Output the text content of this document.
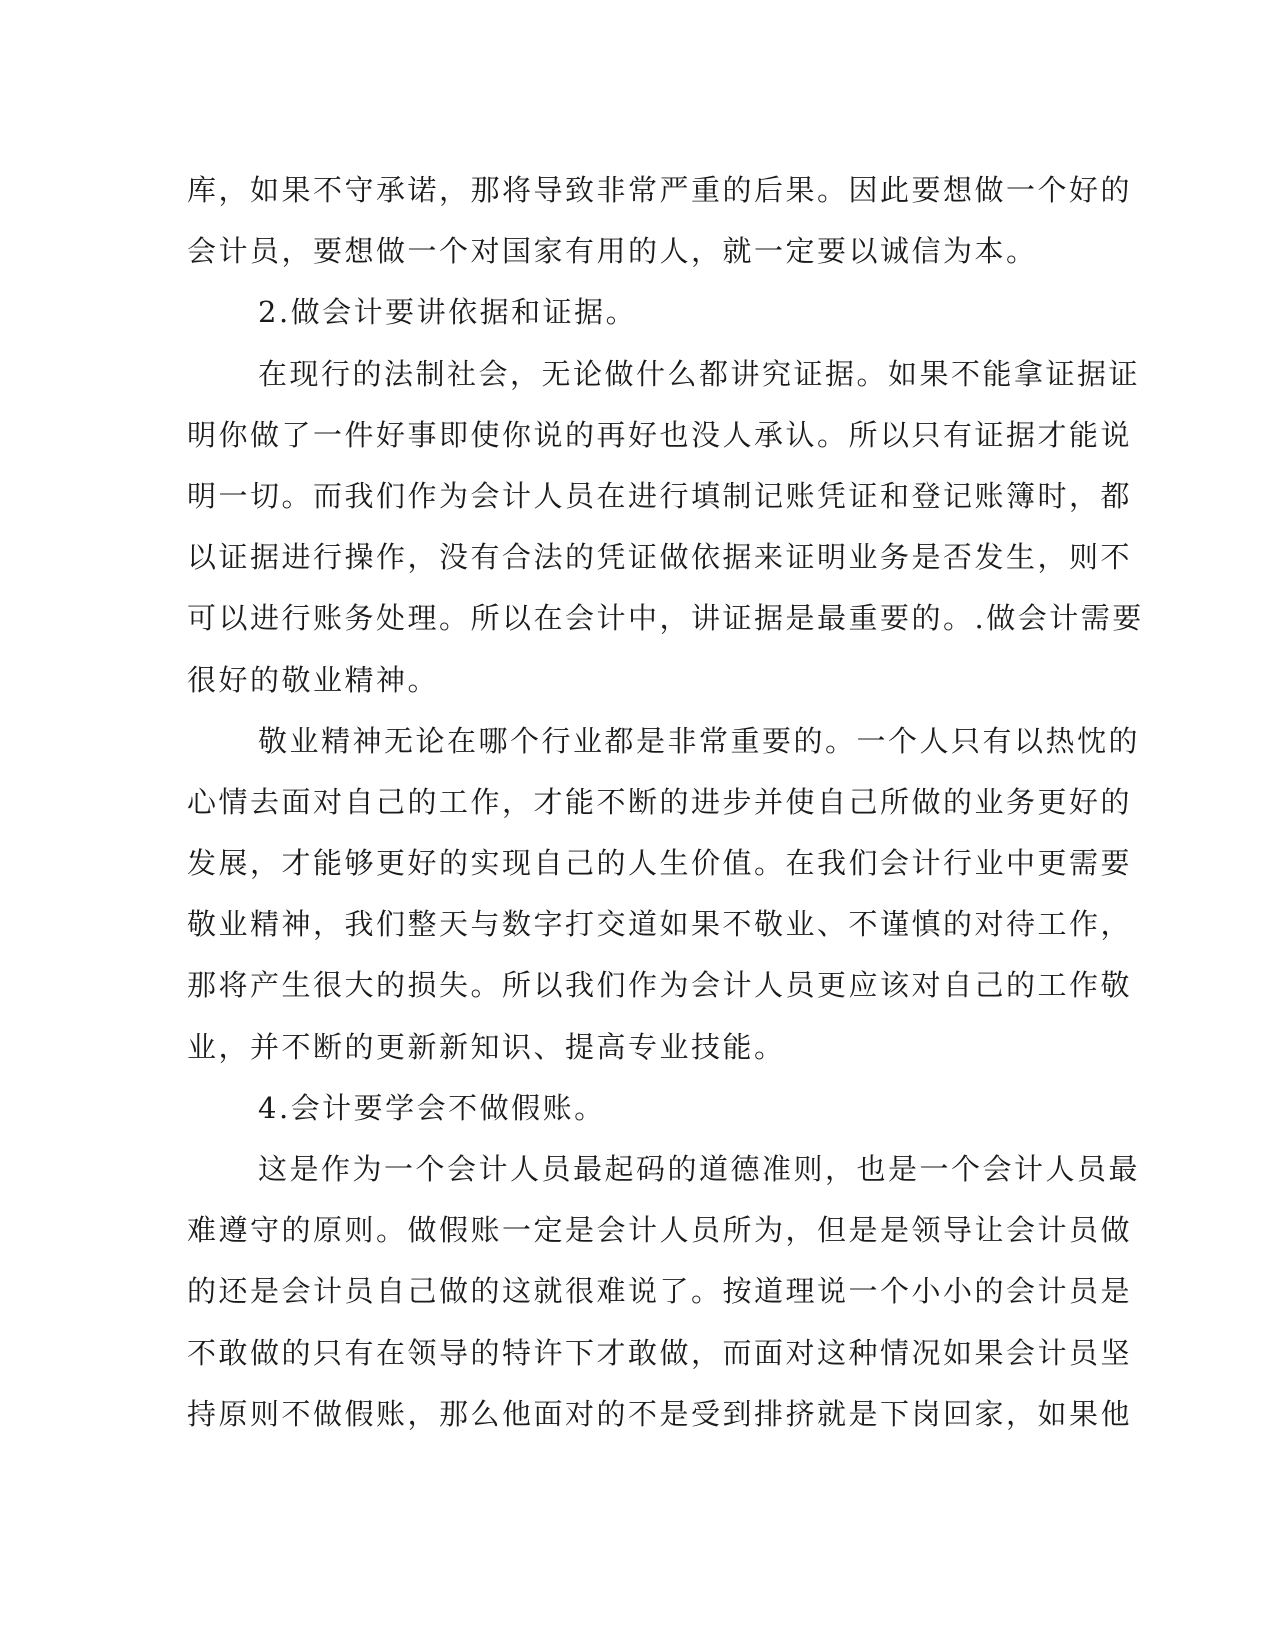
库，如果不守承诺，那将导致非常严重的后果。因此要想做一个好的
会计员，要想做一个对国家有用的人，就一定要以诚信为本。
2.做会计要讲依据和证据。
在现行的法制社会，无论做什么都讲究证据。如果不能拿证据证
明你做了一件好事即使你说的再好也没人承认。所以只有证据才能说
明一切。而我们作为会计人员在进行填制记账凭证和登记账簿时，都
以证据进行操作，没有合法的凭证做依据来证明业务是否发生，则不
可以进行账务处理。所以在会计中，讲证据是最重要的。.做会计需要
很好的敬业精神。
敬业精神无论在哪个行业都是非常重要的。一个人只有以热忱的
心情去面对自己的工作，才能不断的进步并使自己所做的业务更好的
发展，才能够更好的实现自己的人生价值。在我们会计行业中更需要
敬业精神，我们整天与数字打交道如果不敬业、不谨慎的对待工作，
那将产生很大的损失。所以我们作为会计人员更应该对自己的工作敬
业，并不断的更新新知识、提高专业技能。
4.会计要学会不做假账。
这是作为一个会计人员最起码的道德准则，也是一个会计人员最
难遵守的原则。做假账一定是会计人员所为，但是是领导让会计员做
的还是会计员自己做的这就很难说了。按道理说一个小小的会计员是
不敢做的只有在领导的特许下才敢做，而面对这种情况如果会计员坚
持原则不做假账，那么他面对的不是受到排挤就是下岗回家，如果他
